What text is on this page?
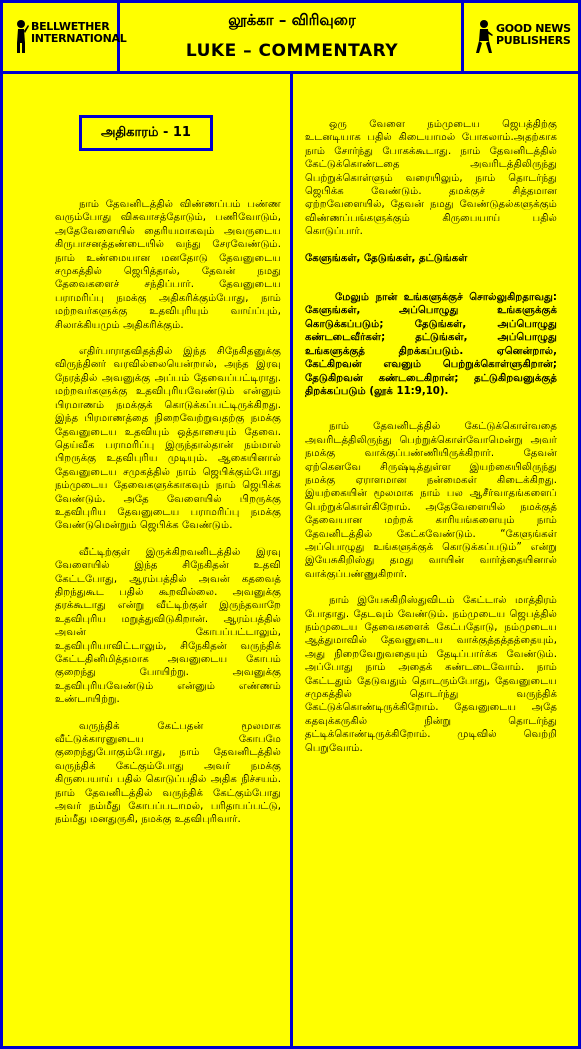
BELLWETHER INTERNATIONAL
லூக்கா – விரிவுரை
LUKE – COMMENTARY
GOOD NEWS PUBLISHERS
அதிகாரம் - 11

நாம் தேவனிடத்தில் விண்ணப்பம் பண்ண வரும்போது விசுவாசத்தோடும், பணிவோடும், அதேவேளையில் தைரியமாகவும் அவருடைய கிருபாசனத்தண்டையில் வந்து சேரவேண்டும். நாம் உண்மையான மனதோடு தேவனுடைய சமுகத்தில் ஜெபித்தால், தேவன் நமது தேவைகளைச் சந்திப்பார். தேவனுடைய பராமரிப்பு நமக்கு அதிகரிக்கும்போது, நாம் மற்றவர்களுக்கு உதவிபுரியும் வாய்ப்பும், சிலாக்கியமும் அதிகரிக்கும்.

எதிர்பாராதவிதத்தில் இந்த சிநேகிதனுக்கு விருந்தினர் வரவில்லையென்றால், அந்த இரவு நேரத்தில் அவனுக்கு அப்பம் தேவைப்பட்டிராது. மற்றவர்களுக்கு உதவிபுரியவேண்டும் என்னும் பிரமாணம் நமக்குக் கொடுக்கப்பட்டிருக்கிறது. இந்த பிரமாணத்தை நிறைவேற்றுவதற்கு நமக்கு தேவனுடைய உதவியும் ஒத்தாசையும் தேவை. தெய்வீக பராமரிப்பு இருந்தால்தான் நம்மால் பிறருக்கு உதவிபுரிய முடியும். ஆகையினால் தேவனுடைய சமுகத்தில் நாம் ஜெபிக்கும்போது நம்முடைய தேவைகளுக்காகவும் நாம் ஜெபிக்க வேண்டும். அதே வேளையில் பிறருக்கு உதவிபுரிய தேவனுடைய பராமரிப்பு நமக்கு வேண்டுமென்றும் ஜெபிக்க வேண்டும்.

வீட்டிற்குள் இருக்கிறவனிடத்தில் இரவு வேளையில் இந்த சிநேகிதன் உதவி கேட்டபோது, ஆரம்பத்தில் அவன் கதவைத் திறந்துகூட பதில் கூறவில்லை. அவனுக்கு தரக்கூடாது என்று வீட்டிற்குள் இருந்தவாறே உதவிபுரிய மறுத்துவிடுகிறான். ஆரம்பத்தில் அவன் கோபப்பட்டாலும், உதவிபுரியாவிட்டாலும், சிநேகிதன் வருந்திக் கேட்டதினிமித்தமாக அவனுடைய கோபம் குறைந்து போயிற்று. அவனுக்கு உதவிபுரியவேண்டும் என்னும் எண்ணம் உண்டாயிற்று.

வருந்திக் கேட்பதன் மூலமாக வீட்டுக்காரனுடைய கோபமே குறைந்துபோகும்போது, நாம் தேவனிடத்தில் வருந்திக் கேட்கும்போது அவர் நமக்கு கிருபையாய் பதில் கொடுப்பதில் அதிக நிச்சயம். நாம் தேவனிடத்தில் வருந்திக் கேட்கும்போது அவர் நம்மீது கோபப்படாமல், பரிதாபப்பட்டு, நம்மீது மனதுருகி, நமக்கு உதவிபுரிவார்.

ஒரு வேளை நம்முடைய ஜெபத்திற்கு உடனடியாக பதில் கிடையாமல் போகலாம்.அதற்காக நாம் சோர்ந்து போகக்கூடாது. நாம் தேவனிடத்தில் கேட்டுக்கொண்டதை அவரிடத்திலிருந்து பெற்றுக்கொள்ளும் வரையிலும், நாம் தொடர்ந்து ஜெபிக்க வேண்டும். தமக்குச் சித்தமான ஏற்றவேளையில், தேவன் நமது வேண்டுதல்களுக்கும் விண்ணப்பங்களுக்கும் கிருபையாய் பதில் கொடுப்பார்.

கேளுங்கள், தேடுங்கள், தட்டுங்கள்

மேலும் நான் உங்களுக்குச் சொல்லுகிறதாவது: கேளுங்கள், அப்பொழுது உங்களுக்குக் கொடுக்கப்படும்; தேடுங்கள், அப்பொழுது கண்டடைவீர்கள்; தட்டுங்கள், அப்பொழுது உங்களுக்குத் திறக்கப்படும். ஏனென்றால், கேட்கிறவன் எவனும் பெற்றுக்கொள்ளுகிறான்; தேடுகிறவன் கண்டடைகிறான்; தட்டுகிறவனுக்குத் திறக்கப்படும் (லூக் 11:9,10).

நாம் தேவனிடத்தில் கேட்டுக்கொள்வதை அவரிடத்திலிருந்து பெற்றுக்கொள்வோமென்று அவர் நமக்கு வாக்குப்பண்ணியிருக்கிறார். தேவன் ஏற்கெனவே சிருஷ்டித்துள்ள இயற்கையிலிருந்து நமக்கு ஏராளமான நன்மைகள் கிடைக்கிறது. இயற்கையின் மூலமாக நாம் பல ஆசீர்வாதங்களைப் பெற்றுக்கொள்கிறோம். அதேவேளையில் நமக்குத் தேவையான மற்றக் காரியங்களையும் நாம் தேவனிடத்தில் கேட்கவேண்டும். “கேளுங்கள் அப்பொழுது உங்களுக்குக் கொடுக்கப்படும்” என்று இயேசுகிறிஸ்து தமது வாயின் வார்த்தையினால் வாக்குப்பண்ணுகிறார்.

நாம் இயேசுகிறிஸ்துவிடம் கேட்டால் மாத்திரம் போதாது. தேடவும் வேண்டும். நம்முடைய ஜெபத்தில் நம்முடைய தேவைகளைக் கேட்பதோடு, நம்முடைய ஆத்துமாவில் தேவனுடைய வாக்குத்தத்தத்தையும், அது நிறைவேறுவதையும் தேடிப்பார்க்க வேண்டும். அப்போது நாம் அதைக் கண்டடைவோம். நாம் கேட்டதும் தேடுவதும் தொடரும்போது, தேவனுடைய சமுகத்தில் தொடர்ந்து வருந்திக் கேட்டுக்கொண்டிருக்கிறோம். தேவனுடைய அதே கதவுக்கருகில் நின்று தொடர்ந்து தட்டிக்கொண்டிருக்கிறோம். முடிவில் வெற்றி பெறுவோம்.
